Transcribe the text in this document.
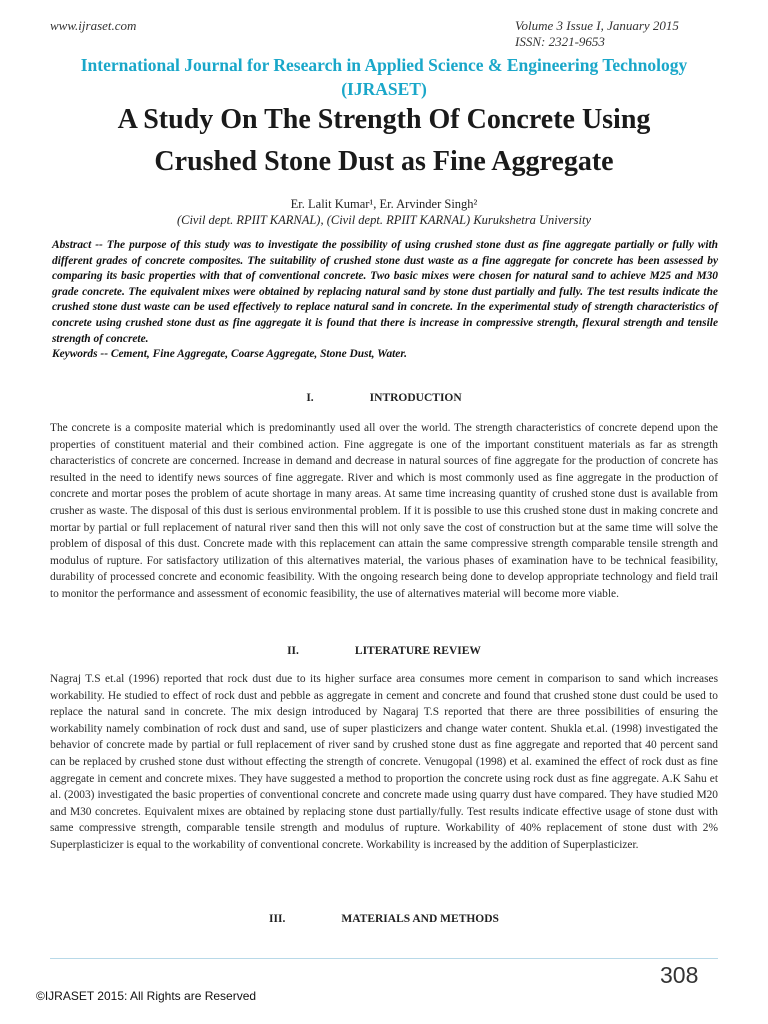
www.ijraset.com	Volume 3 Issue I, January 2015
ISSN: 2321-9653
International Journal for Research in Applied Science & Engineering Technology (IJRASET)
A Study On The Strength Of Concrete Using
Crushed Stone Dust as Fine Aggregate
Er. Lalit Kumar¹, Er. Arvinder Singh²
(Civil dept. RPIIT KARNAL), (Civil dept. RPIIT KARNAL) Kurukshetra University

Abstract -- The purpose of this study was to investigate the possibility of using crushed stone dust as fine aggregate partially or fully with different grades of concrete composites. The suitability of crushed stone dust waste as a fine aggregate for concrete has been assessed by comparing its basic properties with that of conventional concrete. Two basic mixes were chosen for natural sand to achieve M25 and M30 grade concrete. The equivalent mixes were obtained by replacing natural sand by stone dust partially and fully. The test results indicate the crushed stone dust waste can be used effectively to replace natural sand in concrete. In the experimental study of strength characteristics of concrete using crushed stone dust as fine aggregate it is found that there is increase in compressive strength, flexural strength and tensile strength of concrete.

Keywords -- Cement, Fine Aggregate, Coarse Aggregate, Stone Dust, Water.

I.	INTRODUCTION

The concrete is a composite material which is predominantly used all over the world. The strength characteristics of concrete depend upon the properties of constituent material and their combined action. Fine aggregate is one of the important constituent materials as far as strength characteristics of concrete are concerned. Increase in demand and decrease in natural sources of fine aggregate for the production of concrete has resulted in the need to identify news sources of fine aggregate. River and which is most commonly used as fine aggregate in the production of concrete and mortar poses the problem of acute shortage in many areas. At same time increasing quantity of crushed stone dust is available from crusher as waste. The disposal of this dust is serious environmental problem. If it is possible to use this crushed stone dust in making concrete and mortar by partial or full replacement of natural river sand then this will not only save the cost of construction but at the same time will solve the problem of disposal of this dust. Concrete made with this replacement can attain the same compressive strength comparable tensile strength and modulus of rupture. For satisfactory utilization of this alternatives material, the various phases of examination have to be technical feasibility, durability of processed concrete and economic feasibility. With the ongoing research being done to develop appropriate technology and field trail to monitor the performance and assessment of economic feasibility, the use of alternatives material will become more viable.

II.	LITERATURE REVIEW

Nagraj T.S et.al (1996) reported that rock dust due to its higher surface area consumes more cement in comparison to sand which increases workability. He studied to effect of rock dust and pebble as aggregate in cement and concrete and found that crushed stone dust could be used to replace the natural sand in concrete. The mix design introduced by Nagaraj T.S reported that there are three possibilities of ensuring the workability namely combination of rock dust and sand, use of super plasticizers and change water content. Shukla et.al. (1998) investigated the behavior of concrete made by partial or full replacement of river sand by crushed stone dust as fine aggregate and reported that 40 percent sand can be replaced by crushed stone dust without effecting the strength of concrete. Venugopal (1998) et al. examined the effect of rock dust as fine aggregate in cement and concrete mixes. They have suggested a method to proportion the concrete using rock dust as fine aggregate. A.K Sahu et al. (2003) investigated the basic properties of conventional concrete and concrete made using quarry dust have compared. They have studied M20 and M30 concretes. Equivalent mixes are obtained by replacing stone dust partially/fully. Test results indicate effective usage of stone dust with same compressive strength, comparable tensile strength and modulus of rupture. Workability of 40% replacement of stone dust with 2% Superplasticizer is equal to the workability of conventional concrete. Workability is increased by the addition of Superplasticizer.

III.	MATERIALS AND METHODS
308
©IJRASET 2015: All Rights are Reserved
